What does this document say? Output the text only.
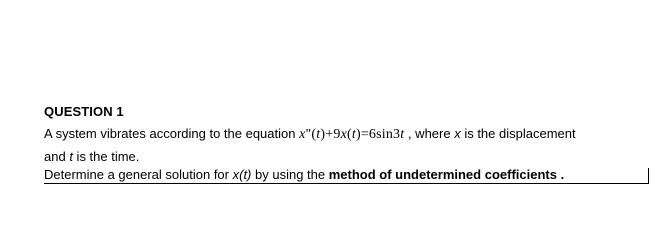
QUESTION 1
A system vibrates according to the equation x"(t)+9x(t)=6sin3t , where x is the displacement
and t is the time.
Determine a general solution for x(t) by using the method of undetermined coefficients .
